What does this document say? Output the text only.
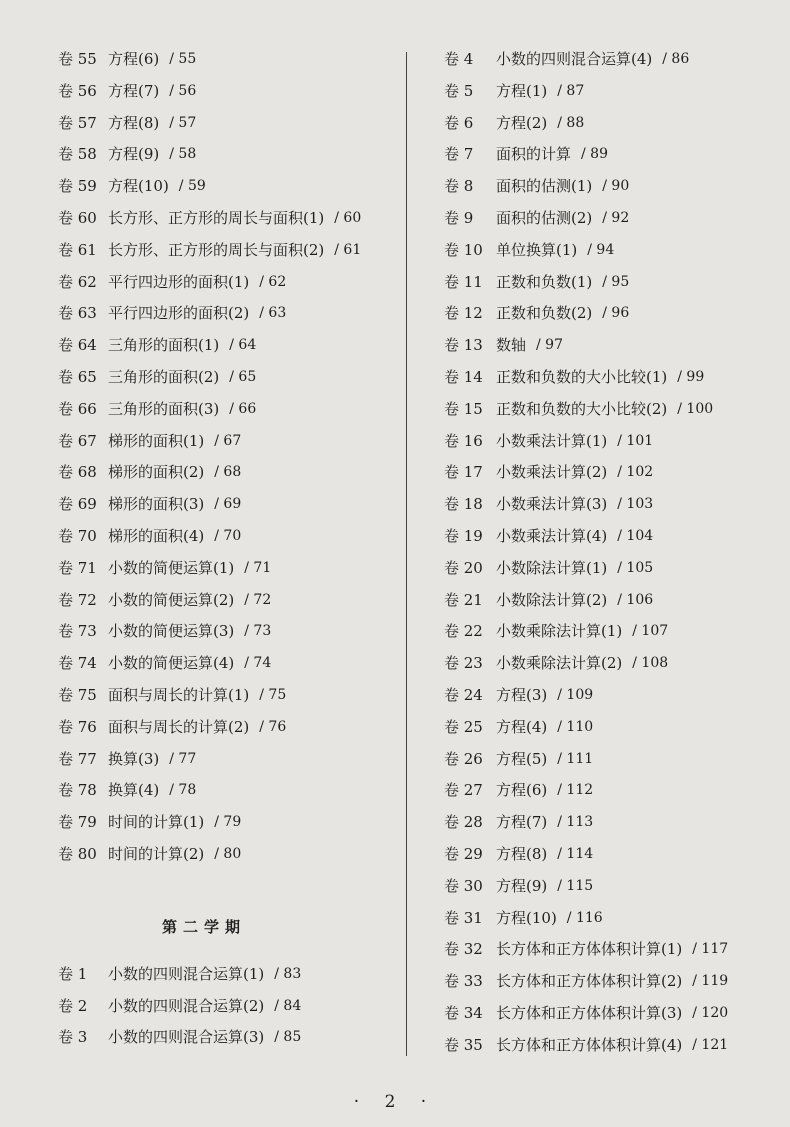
卷 55 方程(6) / 55
卷 56 方程(7) / 56
卷 57 方程(8) / 57
卷 58 方程(9) / 58
卷 59 方程(10) / 59
卷 60 长方形、正方形的周长与面积(1) / 60
卷 61 长方形、正方形的周长与面积(2) / 61
卷 62 平行四边形的面积(1) / 62
卷 63 平行四边形的面积(2) / 63
卷 64 三角形的面积(1) / 64
卷 65 三角形的面积(2) / 65
卷 66 三角形的面积(3) / 66
卷 67 梯形的面积(1) / 67
卷 68 梯形的面积(2) / 68
卷 69 梯形的面积(3) / 69
卷 70 梯形的面积(4) / 70
卷 71 小数的简便运算(1) / 71
卷 72 小数的简便运算(2) / 72
卷 73 小数的简便运算(3) / 73
卷 74 小数的简便运算(4) / 74
卷 75 面积与周长的计算(1) / 75
卷 76 面积与周长的计算(2) / 76
卷 77 换算(3) / 77
卷 78 换算(4) / 78
卷 79 时间的计算(1) / 79
卷 80 时间的计算(2) / 80
第二学期
卷 1	小数的四则混合运算(1) / 83
卷 2	小数的四则混合运算(2) / 84
卷 3	小数的四则混合运算(3) / 85
卷 4	小数的四则混合运算(4) / 86
卷 5	方程(1) / 87
卷 6	方程(2) / 88
卷 7	面积的计算 / 89
卷 8	面积的估测(1) / 90
卷 9	面积的估测(2) / 92
卷 10 单位换算(1) / 94
卷 11 正数和负数(1) / 95
卷 12 正数和负数(2) / 96
卷 13 数轴 / 97
卷 14 正数和负数的大小比较(1) / 99
卷 15 正数和负数的大小比较(2) / 100
卷 16 小数乘法计算(1) / 101
卷 17 小数乘法计算(2) / 102
卷 18 小数乘法计算(3) / 103
卷 19 小数乘法计算(4) / 104
卷 20 小数除法计算(1) / 105
卷 21 小数除法计算(2) / 106
卷 22 小数乘除法计算(1) / 107
卷 23 小数乘除法计算(2) / 108
卷 24 方程(3) / 109
卷 25 方程(4) / 110
卷 26 方程(5) / 111
卷 27 方程(6) / 112
卷 28 方程(7) / 113
卷 29 方程(8) / 114
卷 30 方程(9) / 115
卷 31 方程(10) / 116
卷 32 长方体和正方体体积计算(1) / 117
卷 33 长方体和正方体体积计算(2) / 119
卷 34 长方体和正方体体积计算(3) / 120
卷 35 长方体和正方体体积计算(4) / 121
· 2 ·
